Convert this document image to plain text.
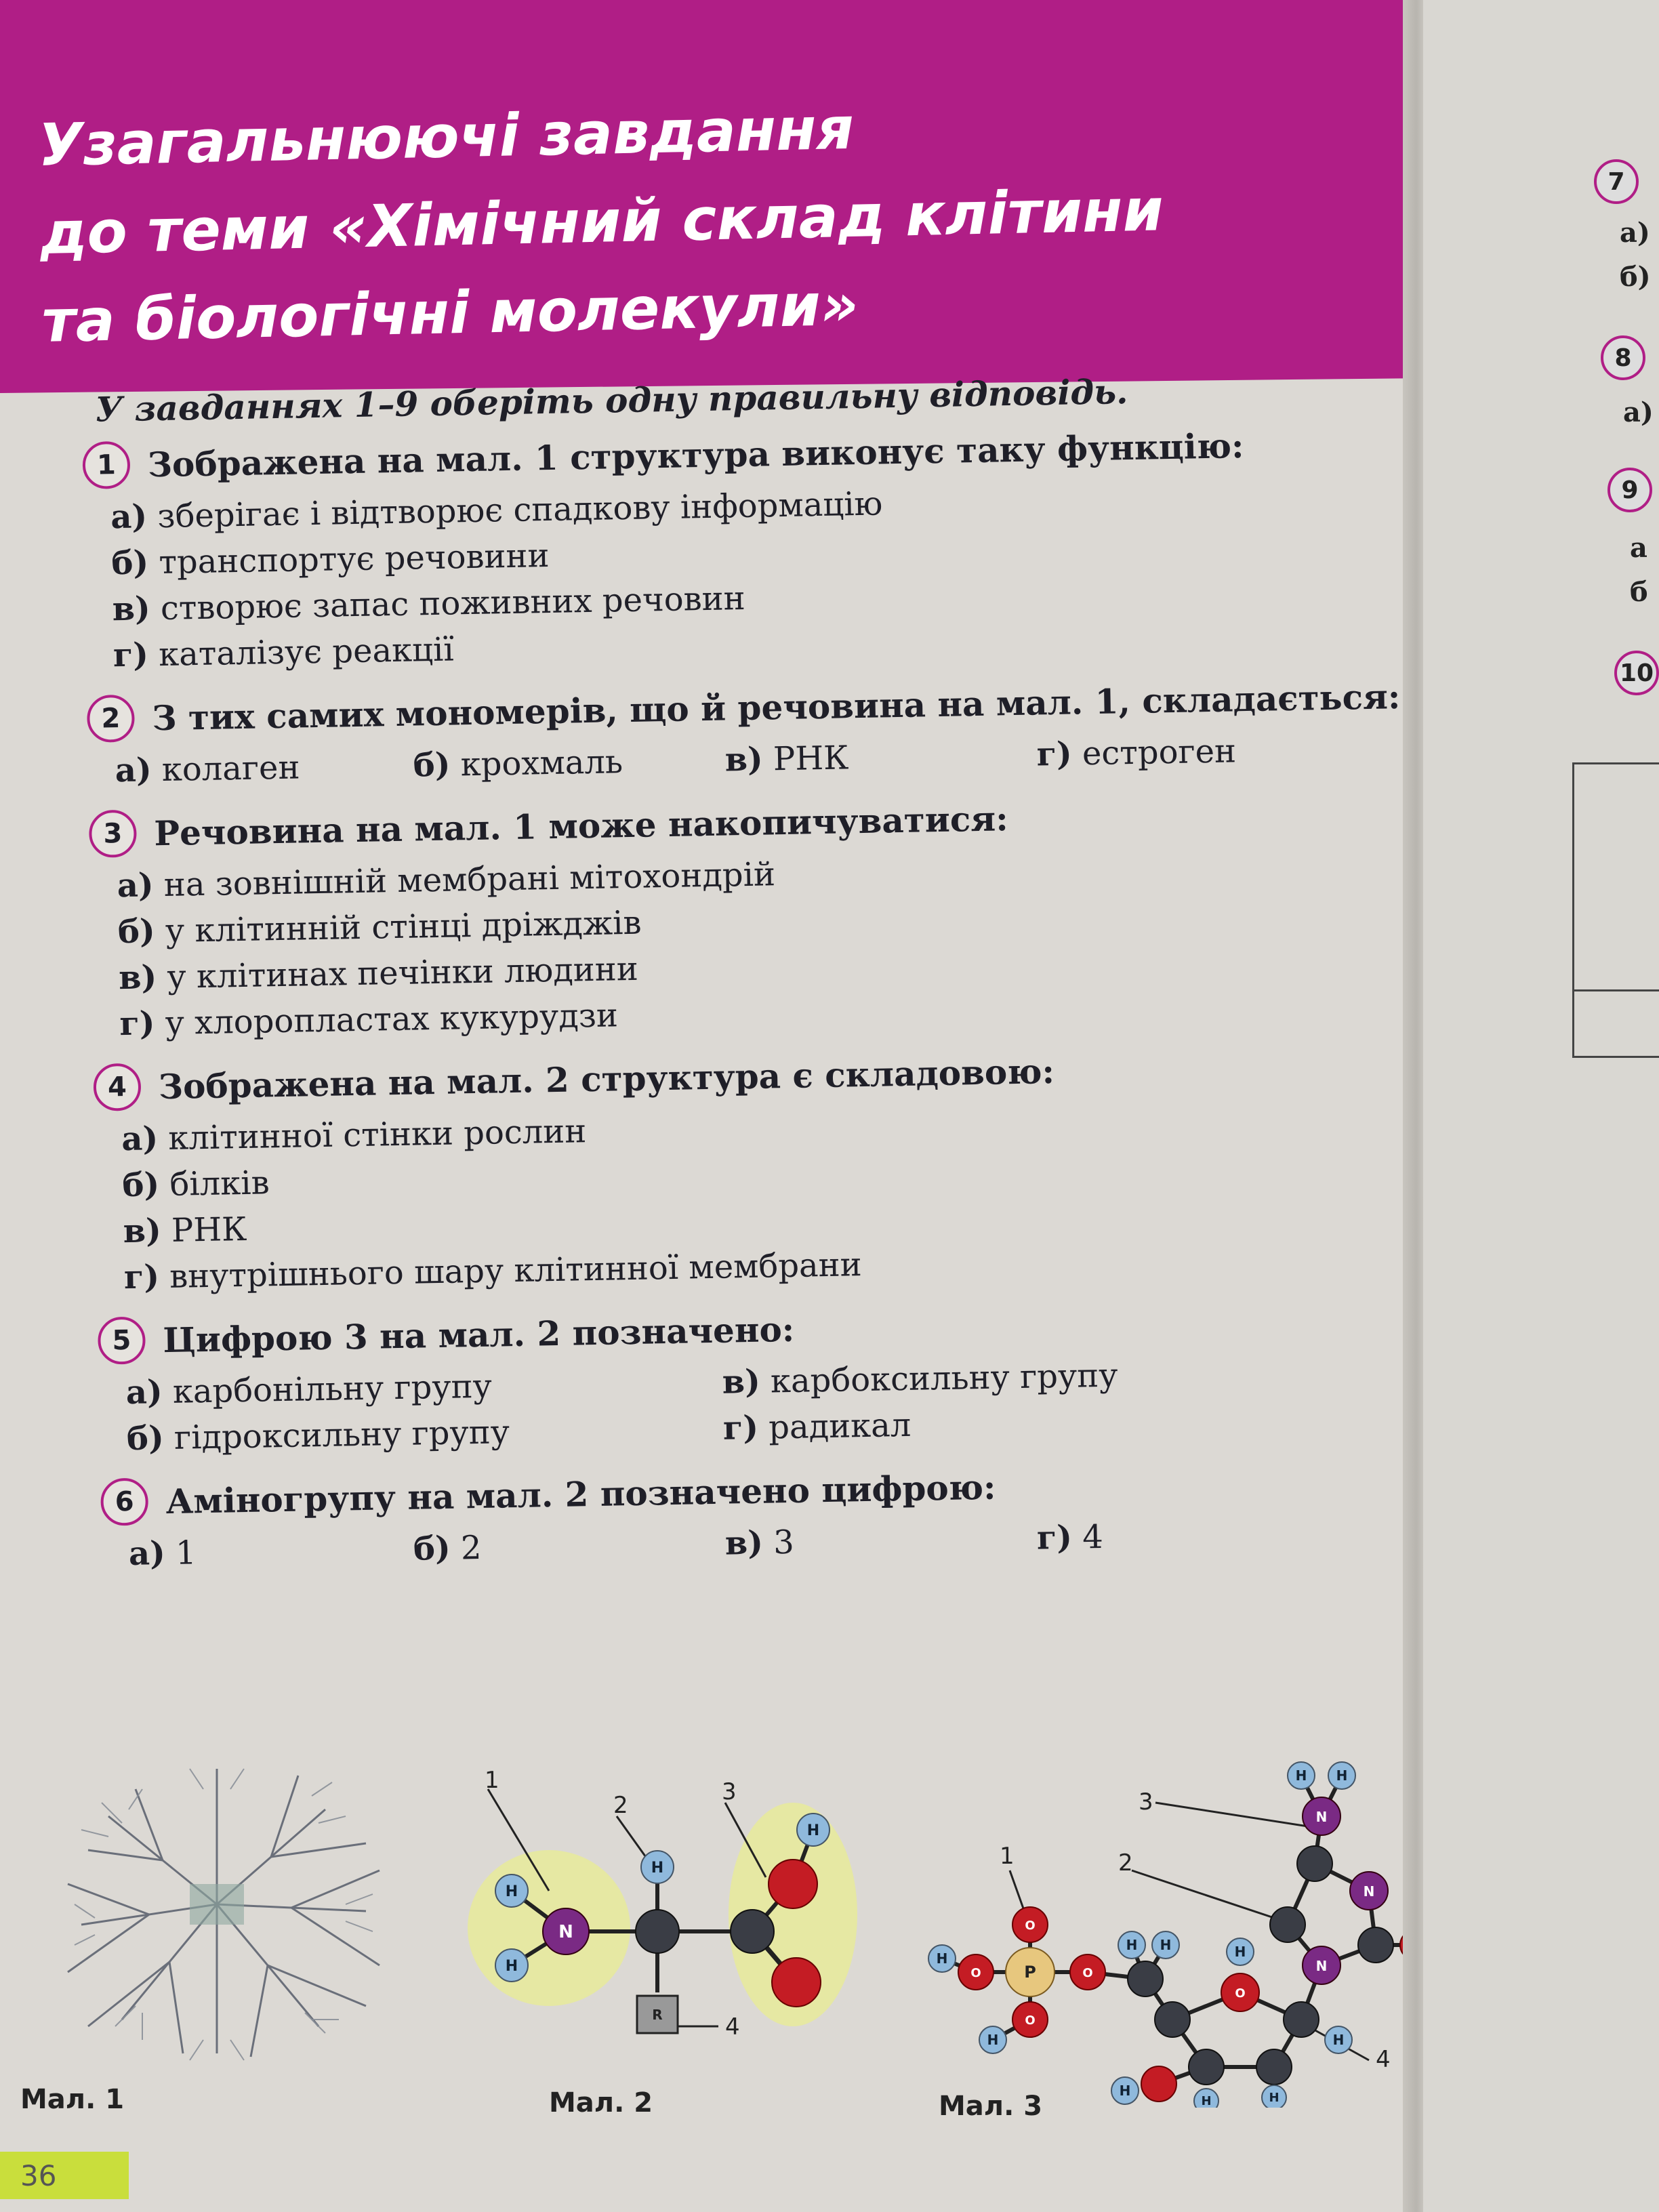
Узагальнюючі завдання
до теми «Хімічний склад клітини
та біологічні молекули»
У завданнях 1–9 оберіть одну правильну відповідь.
1 Зображена на мал. 1 структура виконує таку функцію:
а) зберігає і відтворює спадкову інформацію
б) транспортує речовини
в) створює запас поживних речовин
г) каталізує реакції
2 З тих самих мономерів, що й речовина на мал. 1, складається:
а) колаген	б) крохмаль	в) РНК	г) естроген
3 Речовина на мал. 1 може накопичуватися:
а) на зовнішній мембрані мітохондрій
б) у клітинній стінці дріжджів
в) у клітинах печінки людини
г) у хлоропластах кукурудзи
4 Зображена на мал. 2 структура є складовою:
а) клітинної стінки рослин
б) білків
в) РНК
г) внутрішнього шару клітинної мембрани
5 Цифрою 3 на мал. 2 позначено:
а) карбонільну групу	в) карбоксильну групу
б) гідроксильну групу	г) радикал
6 Аміногрупу на мал. 2 позначено цифрою:
а) 1	б) 2	в) 3	г) 4
Мал. 1
H
H
N
H
H
R
1
2	3
4
Мал. 2
H
O
O
P
O
H
O
H H
O
H
H	H
H
N
H
N
N
H H
1	2
3
4
Мал. 3
36
7
а)
б)
8
а)
9
а
б
10
